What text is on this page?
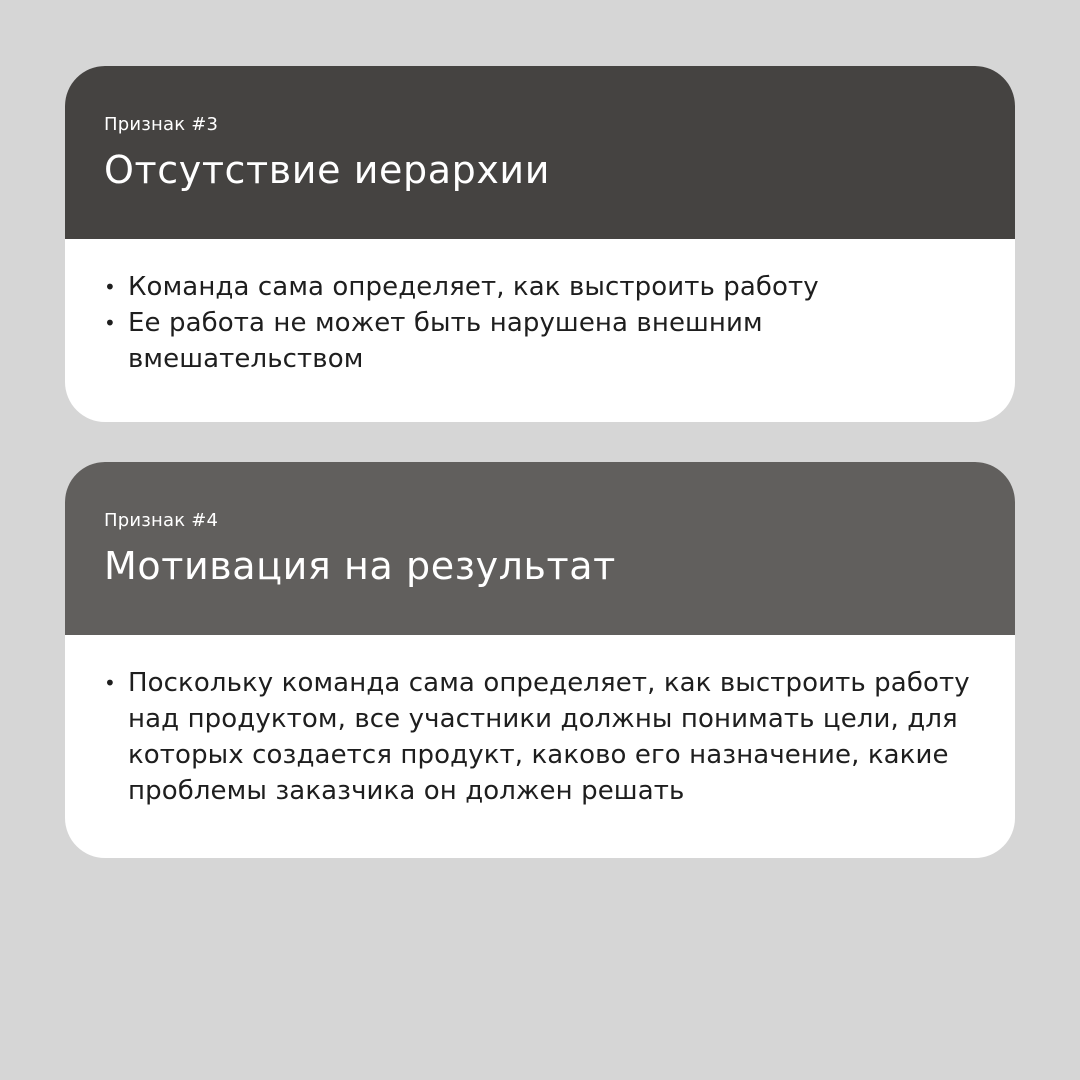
Признак #3
Отсутствие иерархии
• Команда сама определяет, как выстроить работу
• Ее работа не может быть нарушена внешним вмешательством
Признак #4
Мотивация на результат
• Поскольку команда сама определяет, как выстроить работу над продуктом, все участники должны понимать цели, для которых создается продукт, каково его назначение, какие проблемы заказчика он должен решать
